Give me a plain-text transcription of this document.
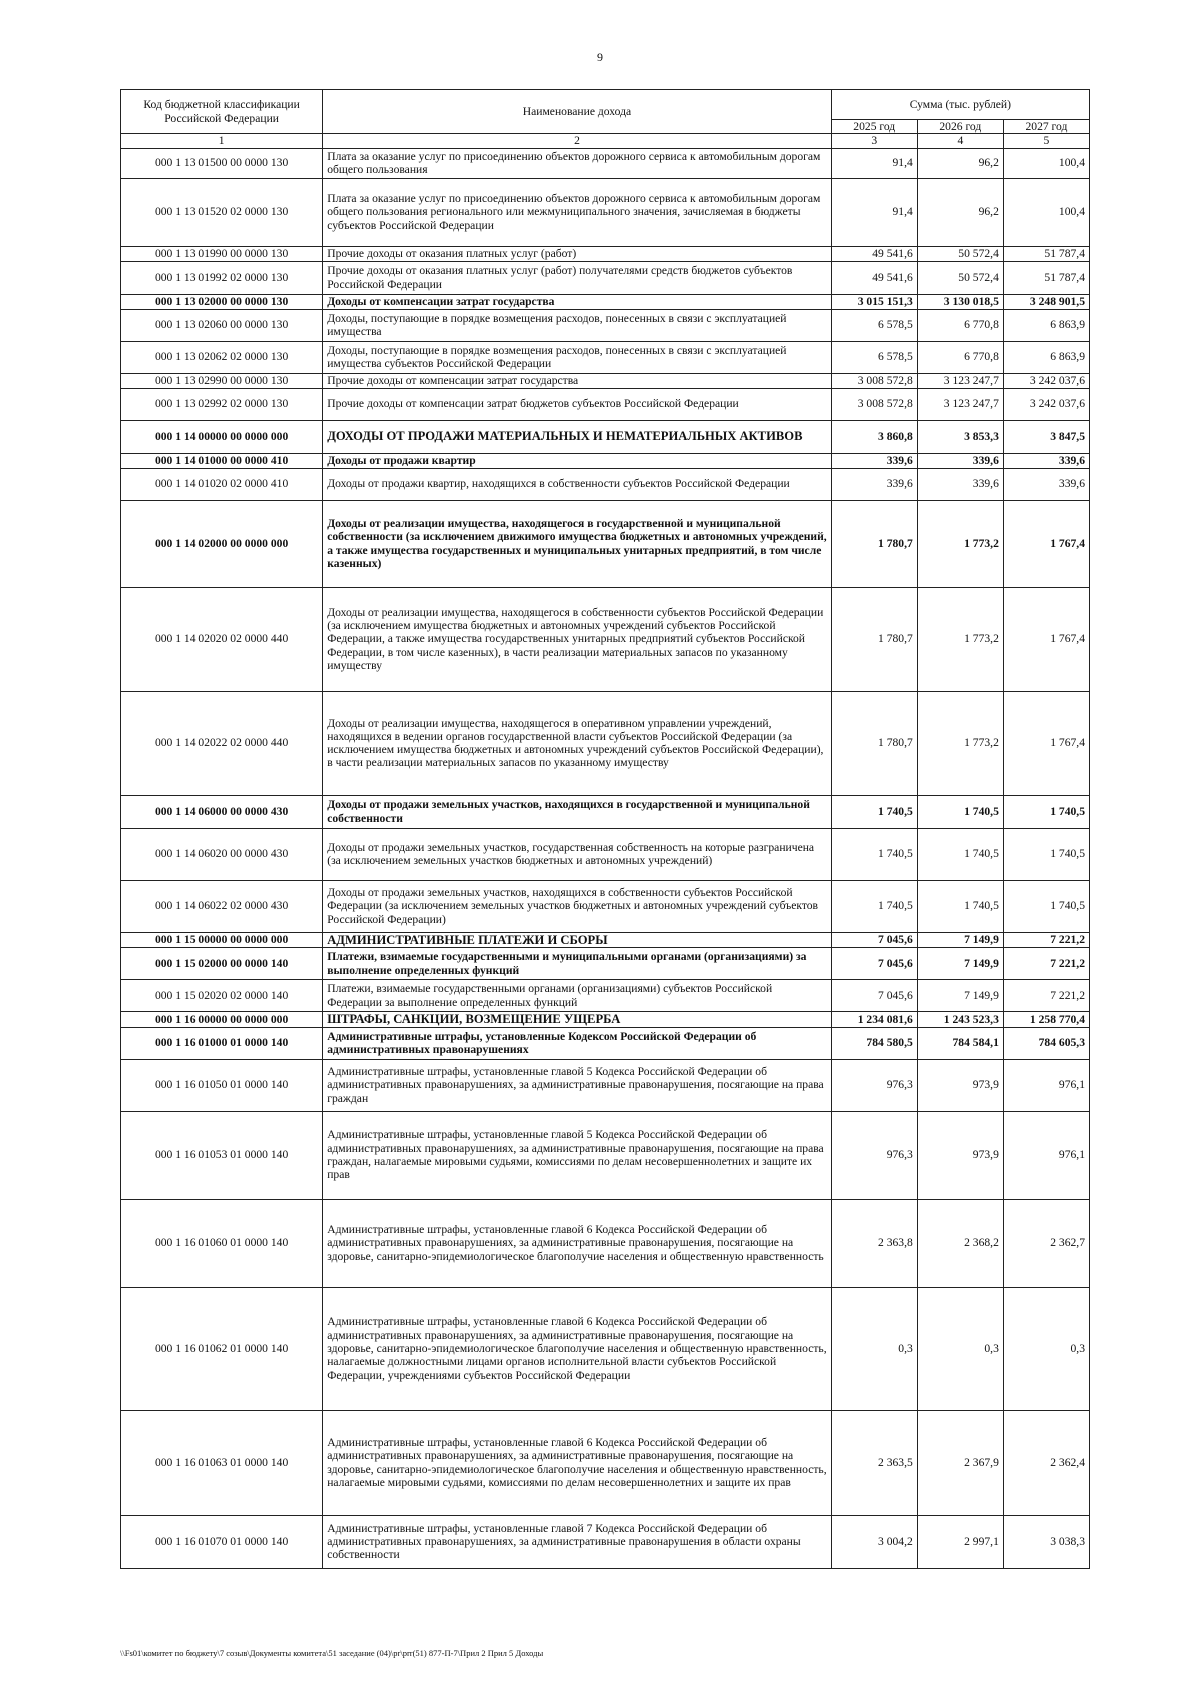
9
Код бюджетной классификации Российской Федерации	Наименование дохода	Сумма (тыс. рублей)		
		2025 год	2026 год	2027 год
1	2	3	4	5
000 1 13 01500 00 0000 130	Плата за оказание услуг по присоединению объектов дорожного сервиса к автомобильным дорогам общего пользования	91,4	96,2	100,4
000 1 13 01520 02 0000 130	Плата за оказание услуг по присоединению объектов дорожного сервиса к автомобильным дорогам общего пользования регионального или межмуниципального значения, зачисляемая в бюджеты субъектов Российской Федерации	91,4	96,2	100,4
000 1 13 01990 00 0000 130	Прочие доходы от оказания платных услуг (работ)	49 541,6	50 572,4	51 787,4
000 1 13 01992 02 0000 130	Прочие доходы от оказания платных услуг (работ) получателями средств бюджетов субъектов Российской Федерации	49 541,6	50 572,4	51 787,4
000 1 13 02000 00 0000 130	Доходы от компенсации затрат государства	3 015 151,3	3 130 018,5	3 248 901,5
000 1 13 02060 00 0000 130	Доходы, поступающие в порядке возмещения расходов, понесенных в связи с эксплуатацией имущества	6 578,5	6 770,8	6 863,9
000 1 13 02062 02 0000 130	Доходы, поступающие в порядке возмещения расходов, понесенных в связи с эксплуатацией имущества субъектов Российской Федерации	6 578,5	6 770,8	6 863,9
000 1 13 02990 00 0000 130	Прочие доходы от компенсации затрат государства	3 008 572,8	3 123 247,7	3 242 037,6
000 1 13 02992 02 0000 130	Прочие доходы от компенсации затрат бюджетов субъектов Российской Федерации	3 008 572,8	3 123 247,7	3 242 037,6
000 1 14 00000 00 0000 000	ДОХОДЫ ОТ ПРОДАЖИ МАТЕРИАЛЬНЫХ И НЕМАТЕРИАЛЬНЫХ АКТИВОВ	3 860,8	3 853,3	3 847,5
000 1 14 01000 00 0000 410	Доходы от продажи квартир	339,6	339,6	339,6
000 1 14 01020 02 0000 410	Доходы от продажи квартир, находящихся в собственности субъектов Российской Федерации	339,6	339,6	339,6
000 1 14 02000 00 0000 000	Доходы от реализации имущества, находящегося в государственной и муниципальной собственности (за исключением движимого имущества бюджетных и автономных учреждений, а также имущества государственных и муниципальных унитарных предприятий, в том числе казенных)	1 780,7	1 773,2	1 767,4
000 1 14 02020 02 0000 440	Доходы от реализации имущества, находящегося в собственности субъектов Российской Федерации (за исключением имущества бюджетных и автономных учреждений субъектов Российской Федерации, а также имущества государственных унитарных предприятий субъектов Российской Федерации, в том числе казенных), в части реализации материальных запасов по указанному имуществу	1 780,7	1 773,2	1 767,4
000 1 14 02022 02 0000 440	Доходы от реализации имущества, находящегося в оперативном управлении учреждений, находящихся в ведении органов государственной власти субъектов Российской Федерации (за исключением имущества бюджетных и автономных учреждений субъектов Российской Федерации), в части реализации материальных запасов по указанному имуществу	1 780,7	1 773,2	1 767,4
000 1 14 06000 00 0000 430	Доходы от продажи земельных участков, находящихся в государственной и муниципальной собственности	1 740,5	1 740,5	1 740,5
000 1 14 06020 00 0000 430	Доходы от продажи земельных участков, государственная собственность на которые разграничена (за исключением земельных участков бюджетных и автономных учреждений)	1 740,5	1 740,5	1 740,5
000 1 14 06022 02 0000 430	Доходы от продажи земельных участков, находящихся в собственности субъектов Российской Федерации (за исключением земельных участков бюджетных и автономных учреждений субъектов Российской Федерации)	1 740,5	1 740,5	1 740,5
000 1 15 00000 00 0000 000	АДМИНИСТРАТИВНЫЕ ПЛАТЕЖИ И СБОРЫ	7 045,6	7 149,9	7 221,2
000 1 15 02000 00 0000 140	Платежи, взимаемые государственными и муниципальными органами (организациями) за выполнение определенных функций	7 045,6	7 149,9	7 221,2
000 1 15 02020 02 0000 140	Платежи, взимаемые государственными органами (организациями) субъектов Российской Федерации за выполнение определенных функций	7 045,6	7 149,9	7 221,2
000 1 16 00000 00 0000 000	ШТРАФЫ, САНКЦИИ, ВОЗМЕЩЕНИЕ УЩЕРБА	1 234 081,6	1 243 523,3	1 258 770,4
000 1 16 01000 01 0000 140	Административные штрафы, установленные Кодексом Российской Федерации об административных правонарушениях	784 580,5	784 584,1	784 605,3
000 1 16 01050 01 0000 140	Административные штрафы, установленные главой 5 Кодекса Российской Федерации об административных правонарушениях, за административные правонарушения, посягающие на права граждан	976,3	973,9	976,1
000 1 16 01053 01 0000 140	Административные штрафы, установленные главой 5 Кодекса Российской Федерации об административных правонарушениях, за административные правонарушения, посягающие на права граждан, налагаемые мировыми судьями, комиссиями по делам несовершеннолетних и защите их прав	976,3	973,9	976,1
000 1 16 01060 01 0000 140	Административные штрафы, установленные главой 6 Кодекса Российской Федерации об административных правонарушениях, за административные правонарушения, посягающие на здоровье, санитарно-эпидемиологическое благополучие населения и общественную нравственность	2 363,8	2 368,2	2 362,7
000 1 16 01062 01 0000 140	Административные штрафы, установленные главой 6 Кодекса Российской Федерации об административных правонарушениях, за административные правонарушения, посягающие на здоровье, санитарно-эпидемиологическое благополучие населения и общественную нравственность, налагаемые должностными лицами органов исполнительной власти субъектов Российской Федерации, учреждениями субъектов Российской Федерации	0,3	0,3	0,3
000 1 16 01063 01 0000 140	Административные штрафы, установленные главой 6 Кодекса Российской Федерации об административных правонарушениях, за административные правонарушения, посягающие на здоровье, санитарно-эпидемиологическое благополучие населения и общественную нравственность, налагаемые мировыми судьями, комиссиями по делам несовершеннолетних и защите их прав	2 363,5	2 367,9	2 362,4
000 1 16 01070 01 0000 140	Административные штрафы, установленные главой 7 Кодекса Российской Федерации об административных правонарушениях, за административные правонарушения в области охраны собственности	3 004,2	2 997,1	3 038,3
\\Fs01\комитет по бюджету\7 созыв\Документы комитета\51 заседание (04)\pr\prr(51) 877-П-7\Прил 2 Прил 5 Доходы
